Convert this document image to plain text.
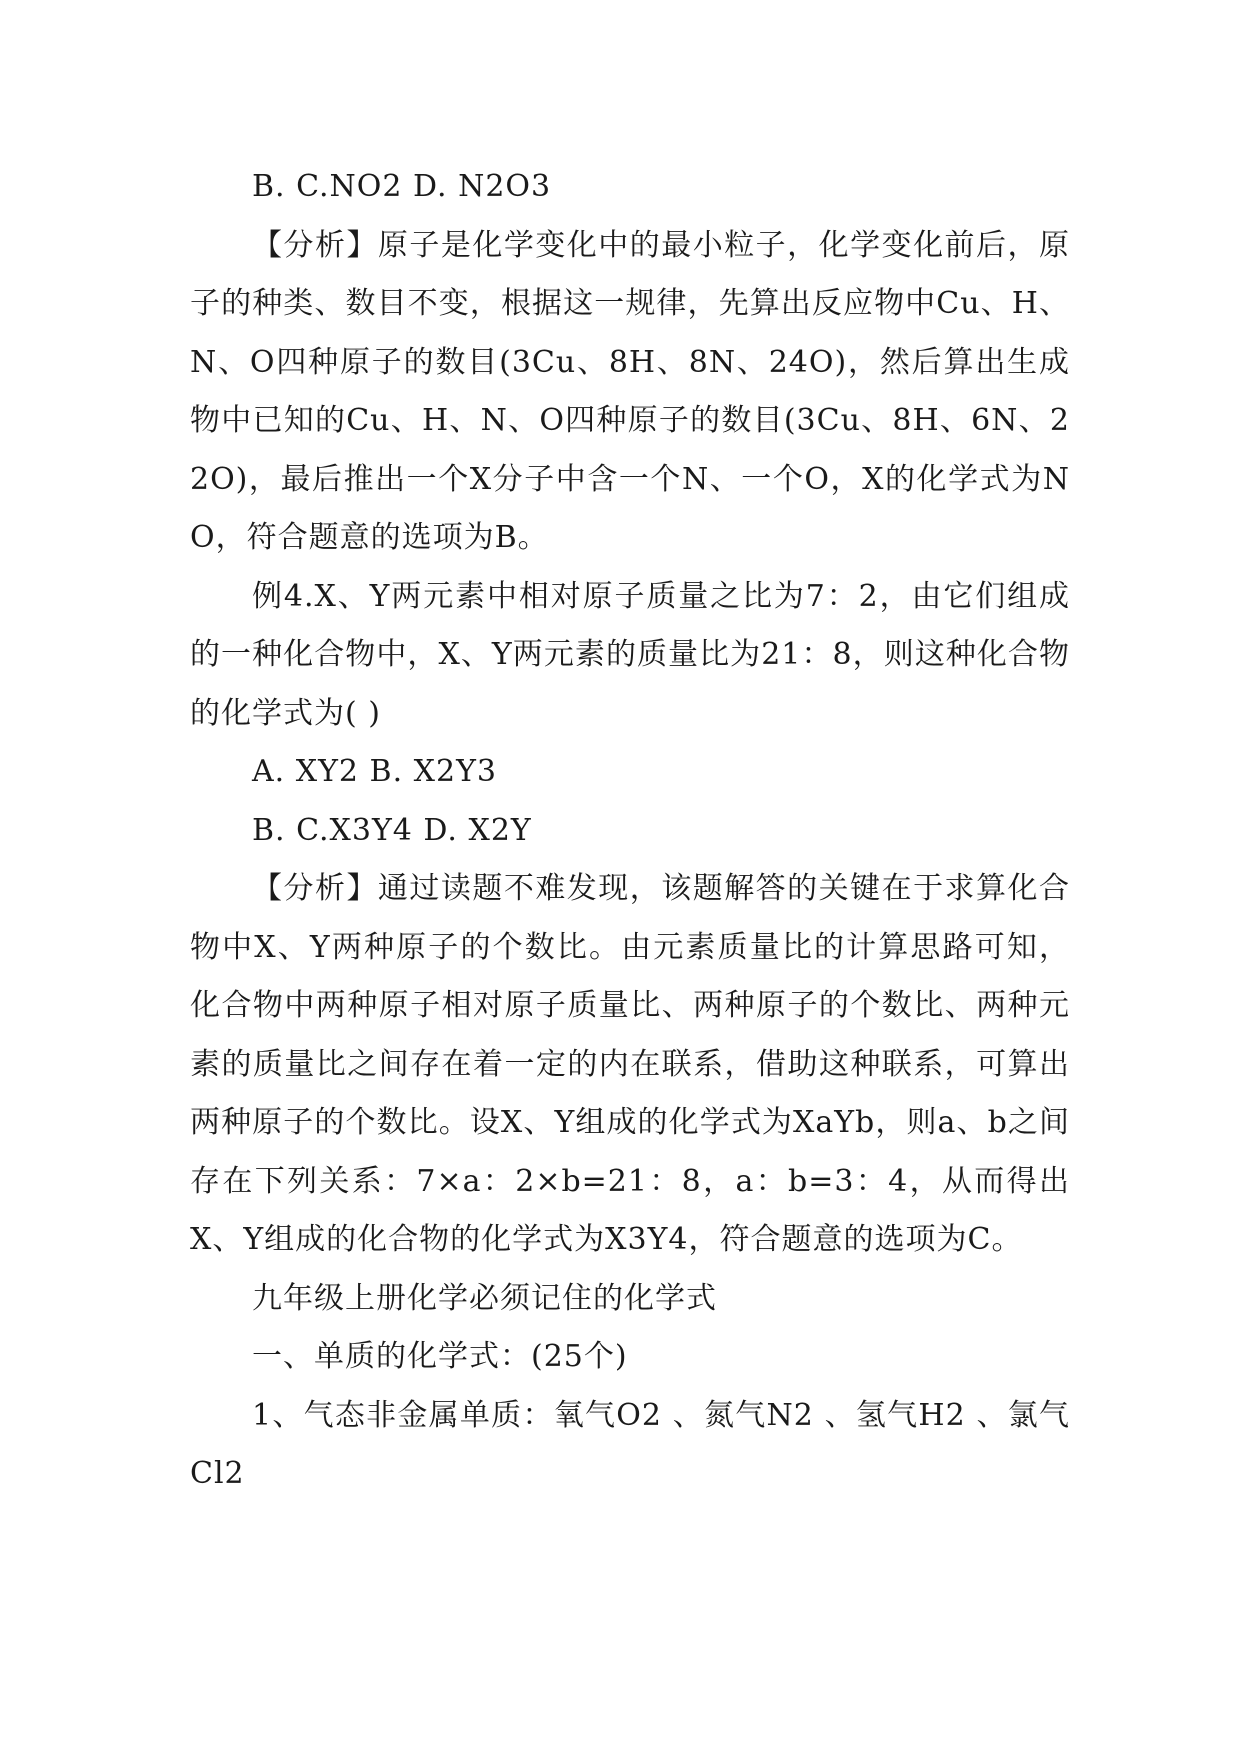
B. C.NO2 D. N2O3

【分析】原子是化学变化中的最小粒子，化学变化前后，原子的种类、数目不变，根据这一规律，先算出反应物中Cu、H、N、O四种原子的数目(3Cu、8H、8N、24O)，然后算出生成物中已知的Cu、H、N、O四种原子的数目(3Cu、8H、6N、22O)，最后推出一个X分子中含一个N、一个O，X的化学式为NO，符合题意的选项为B。

例4.X、Y两元素中相对原子质量之比为7：2，由它们组成的一种化合物中，X、Y两元素的质量比为21：8，则这种化合物的化学式为( )

A. XY2 B. X2Y3

B. C.X3Y4 D. X2Y

【分析】通过读题不难发现，该题解答的关键在于求算化合物中X、Y两种原子的个数比。由元素质量比的计算思路可知，化合物中两种原子相对原子质量比、两种原子的个数比、两种元素的质量比之间存在着一定的内在联系，借助这种联系，可算出两种原子的个数比。设X、Y组成的化学式为XaYb，则a、b之间存在下列关系：7×a：2×b=21：8，a：b=3：4，从而得出X、Y组成的化合物的化学式为X3Y4，符合题意的选项为C。

九年级上册化学必须记住的化学式

一、单质的化学式：(25个)

1、气态非金属单质：氧气O2 、氮气N2 、氢气H2 、氯气Cl2
